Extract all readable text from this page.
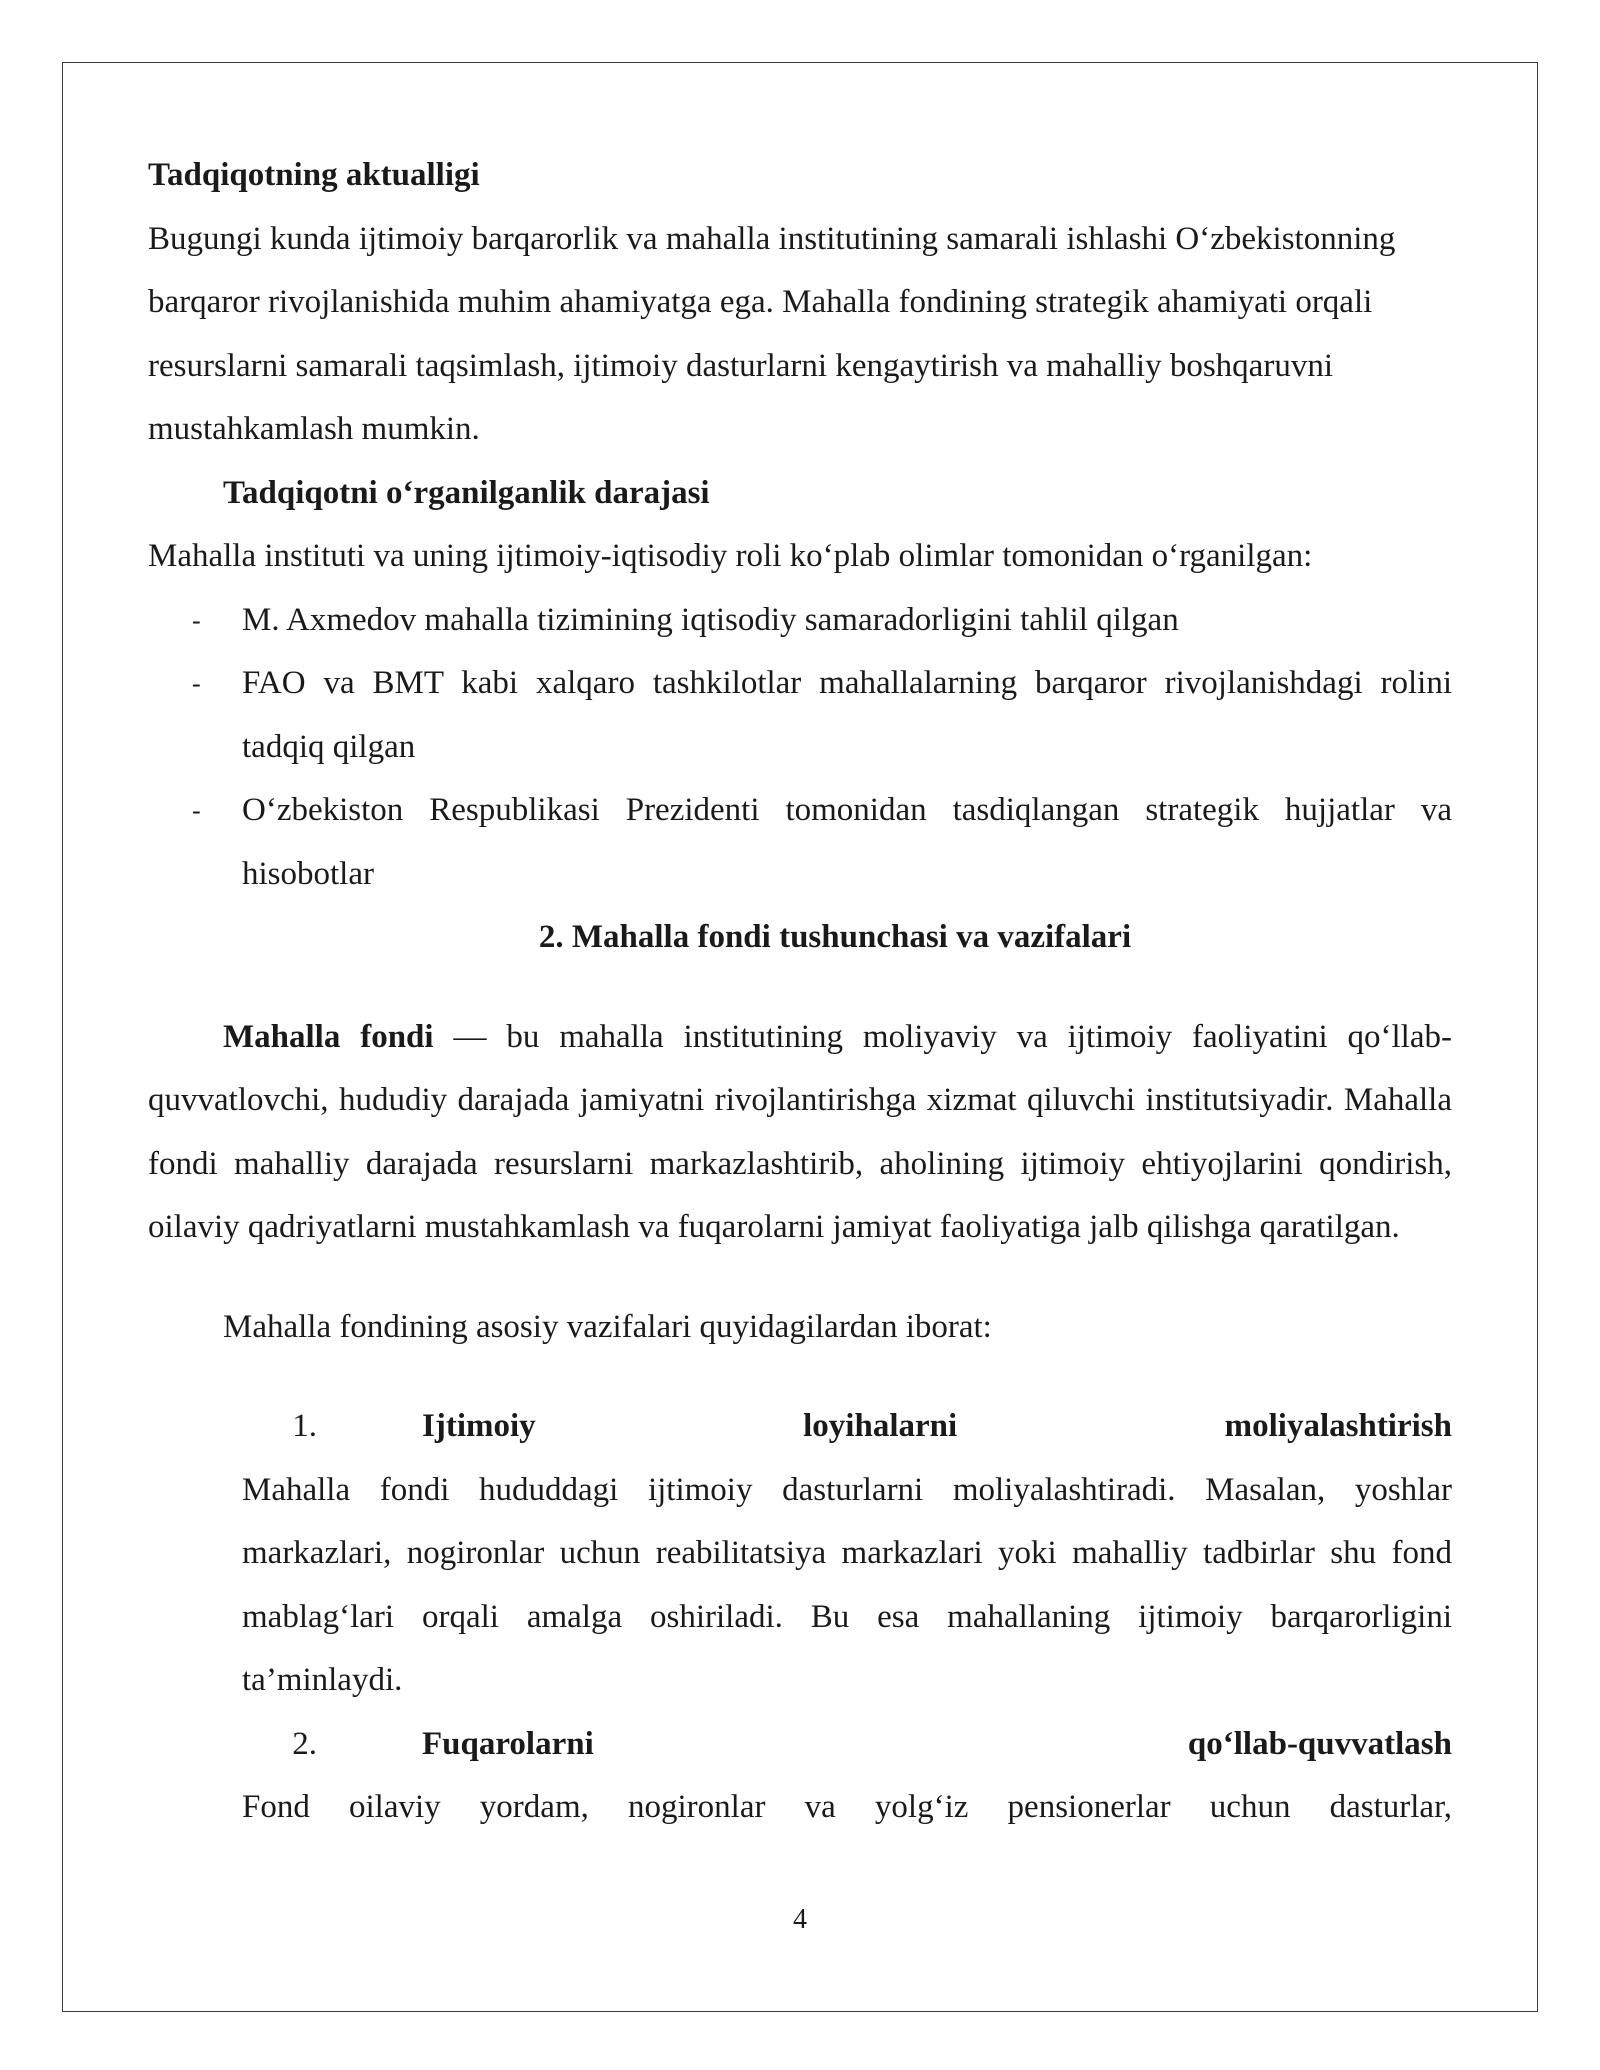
Tadqiqotning aktualligi

Bugungi kunda ijtimoiy barqarorlik va mahalla institutining samarali ishlashi O‘zbekistonning barqaror rivojlanishida muhim ahamiyatga ega. Mahalla fondining strategik ahamiyati orqali resurslarni samarali taqsimlash, ijtimoiy dasturlarni kengaytirish va mahalliy boshqaruvni mustahkamlash mumkin.

Tadqiqotni o‘rganilganlik darajasi

Mahalla instituti va uning ijtimoiy-iqtisodiy roli ko‘plab olimlar tomonidan o‘rganilgan:

- M. Axmedov mahalla tizimining iqtisodiy samaradorligini tahlil qilgan
- FAO va BMT kabi xalqaro tashkilotlar mahallalarning barqaror rivojlanishdagi rolini tadqiq qilgan
- O‘zbekiston Respublikasi Prezidenti tomonidan tasdiqlangan strategik hujjatlar va hisobotlar

2. Mahalla fondi tushunchasi va vazifalari

Mahalla fondi — bu mahalla institutining moliyaviy va ijtimoiy faoliyatini qo‘llab-quvvatlovchi, hududiy darajada jamiyatni rivojlantirishga xizmat qiluvchi institutsiyadir. Mahalla fondi mahalliy darajada resurslarni markazlashtirib, aholining ijtimoiy ehtiyojlarini qondirish, oilaviy qadriyatlarni mustahkamlash va fuqarolarni jamiyat faoliyatiga jalb qilishga qaratilgan.

Mahalla fondining asosiy vazifalari quyidagilardan iborat:

1.	Ijtimoiy	loyihalarni	moliyalashtirish

Mahalla fondi hududdagi ijtimoiy dasturlarni moliyalashtiradi. Masalan, yoshlar markazlari, nogironlar uchun reabilitatsiya markazlari yoki mahalliy tadbirlar shu fond mablag‘lari orqali amalga oshiriladi. Bu esa mahallaning ijtimoiy barqarorligini ta’minlaydi.

2.	Fuqarolarni	qo‘llab-quvvatlash

Fond oilaviy yordam, nogironlar va yolg‘iz pensionerlar uchun dasturlar,

4
